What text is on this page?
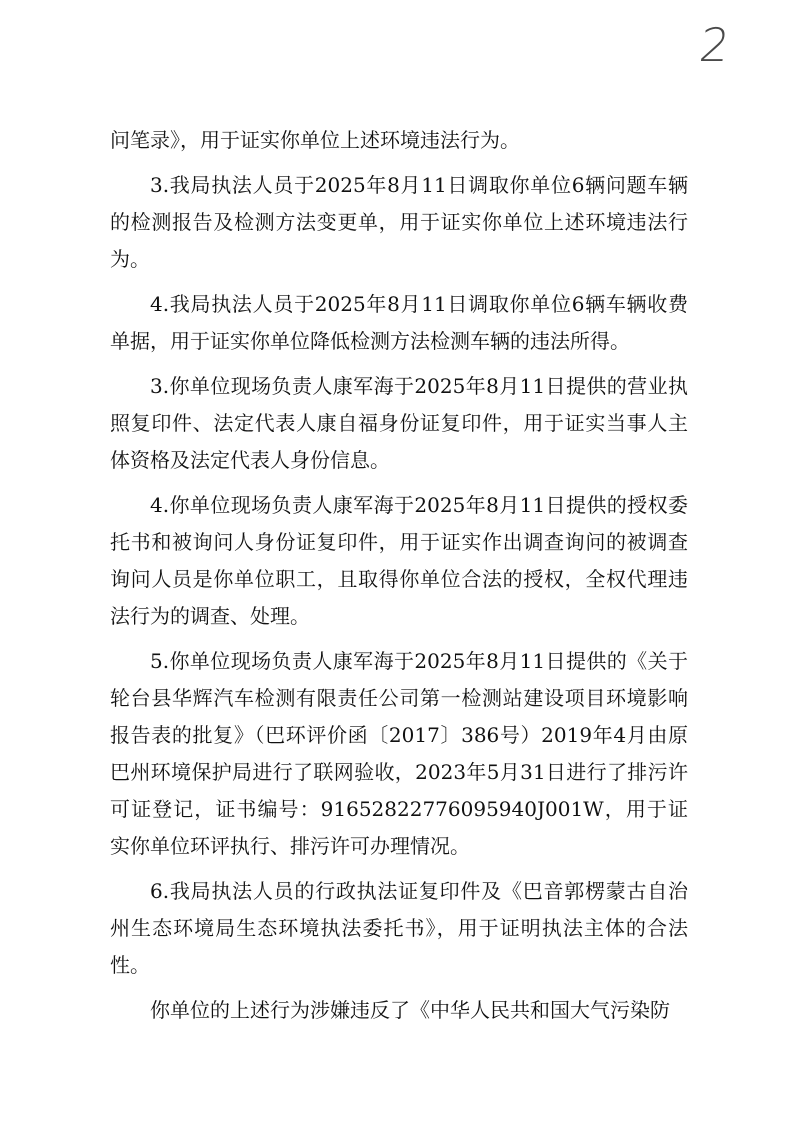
2

问笔录》，用于证实你单位上述环境违法行为。

3.我局执法人员于2025年8月11日调取你单位6辆问题车辆的检测报告及检测方法变更单，用于证实你单位上述环境违法行为。

4.我局执法人员于2025年8月11日调取你单位6辆车辆收费单据，用于证实你单位降低检测方法检测车辆的违法所得。

3.你单位现场负责人康军海于2025年8月11日提供的营业执照复印件、法定代表人康自福身份证复印件，用于证实当事人主体资格及法定代表人身份信息。

4.你单位现场负责人康军海于2025年8月11日提供的授权委托书和被询问人身份证复印件，用于证实作出调查询问的被调查询问人员是你单位职工，且取得你单位合法的授权，全权代理违法行为的调查、处理。

5.你单位现场负责人康军海于2025年8月11日提供的《关于轮台县华辉汽车检测有限责任公司第一检测站建设项目环境影响报告表的批复》（巴环评价函〔2017〕386号）2019年4月由原巴州环境保护局进行了联网验收，2023年5月31日进行了排污许可证登记，证书编号：91652822776095940J001W，用于证实你单位环评执行、排污许可办理情况。

6.我局执法人员的行政执法证复印件及《巴音郭楞蒙古自治州生态环境局生态环境执法委托书》，用于证明执法主体的合法性。

你单位的上述行为涉嫌违反了《中华人民共和国大气污染防
